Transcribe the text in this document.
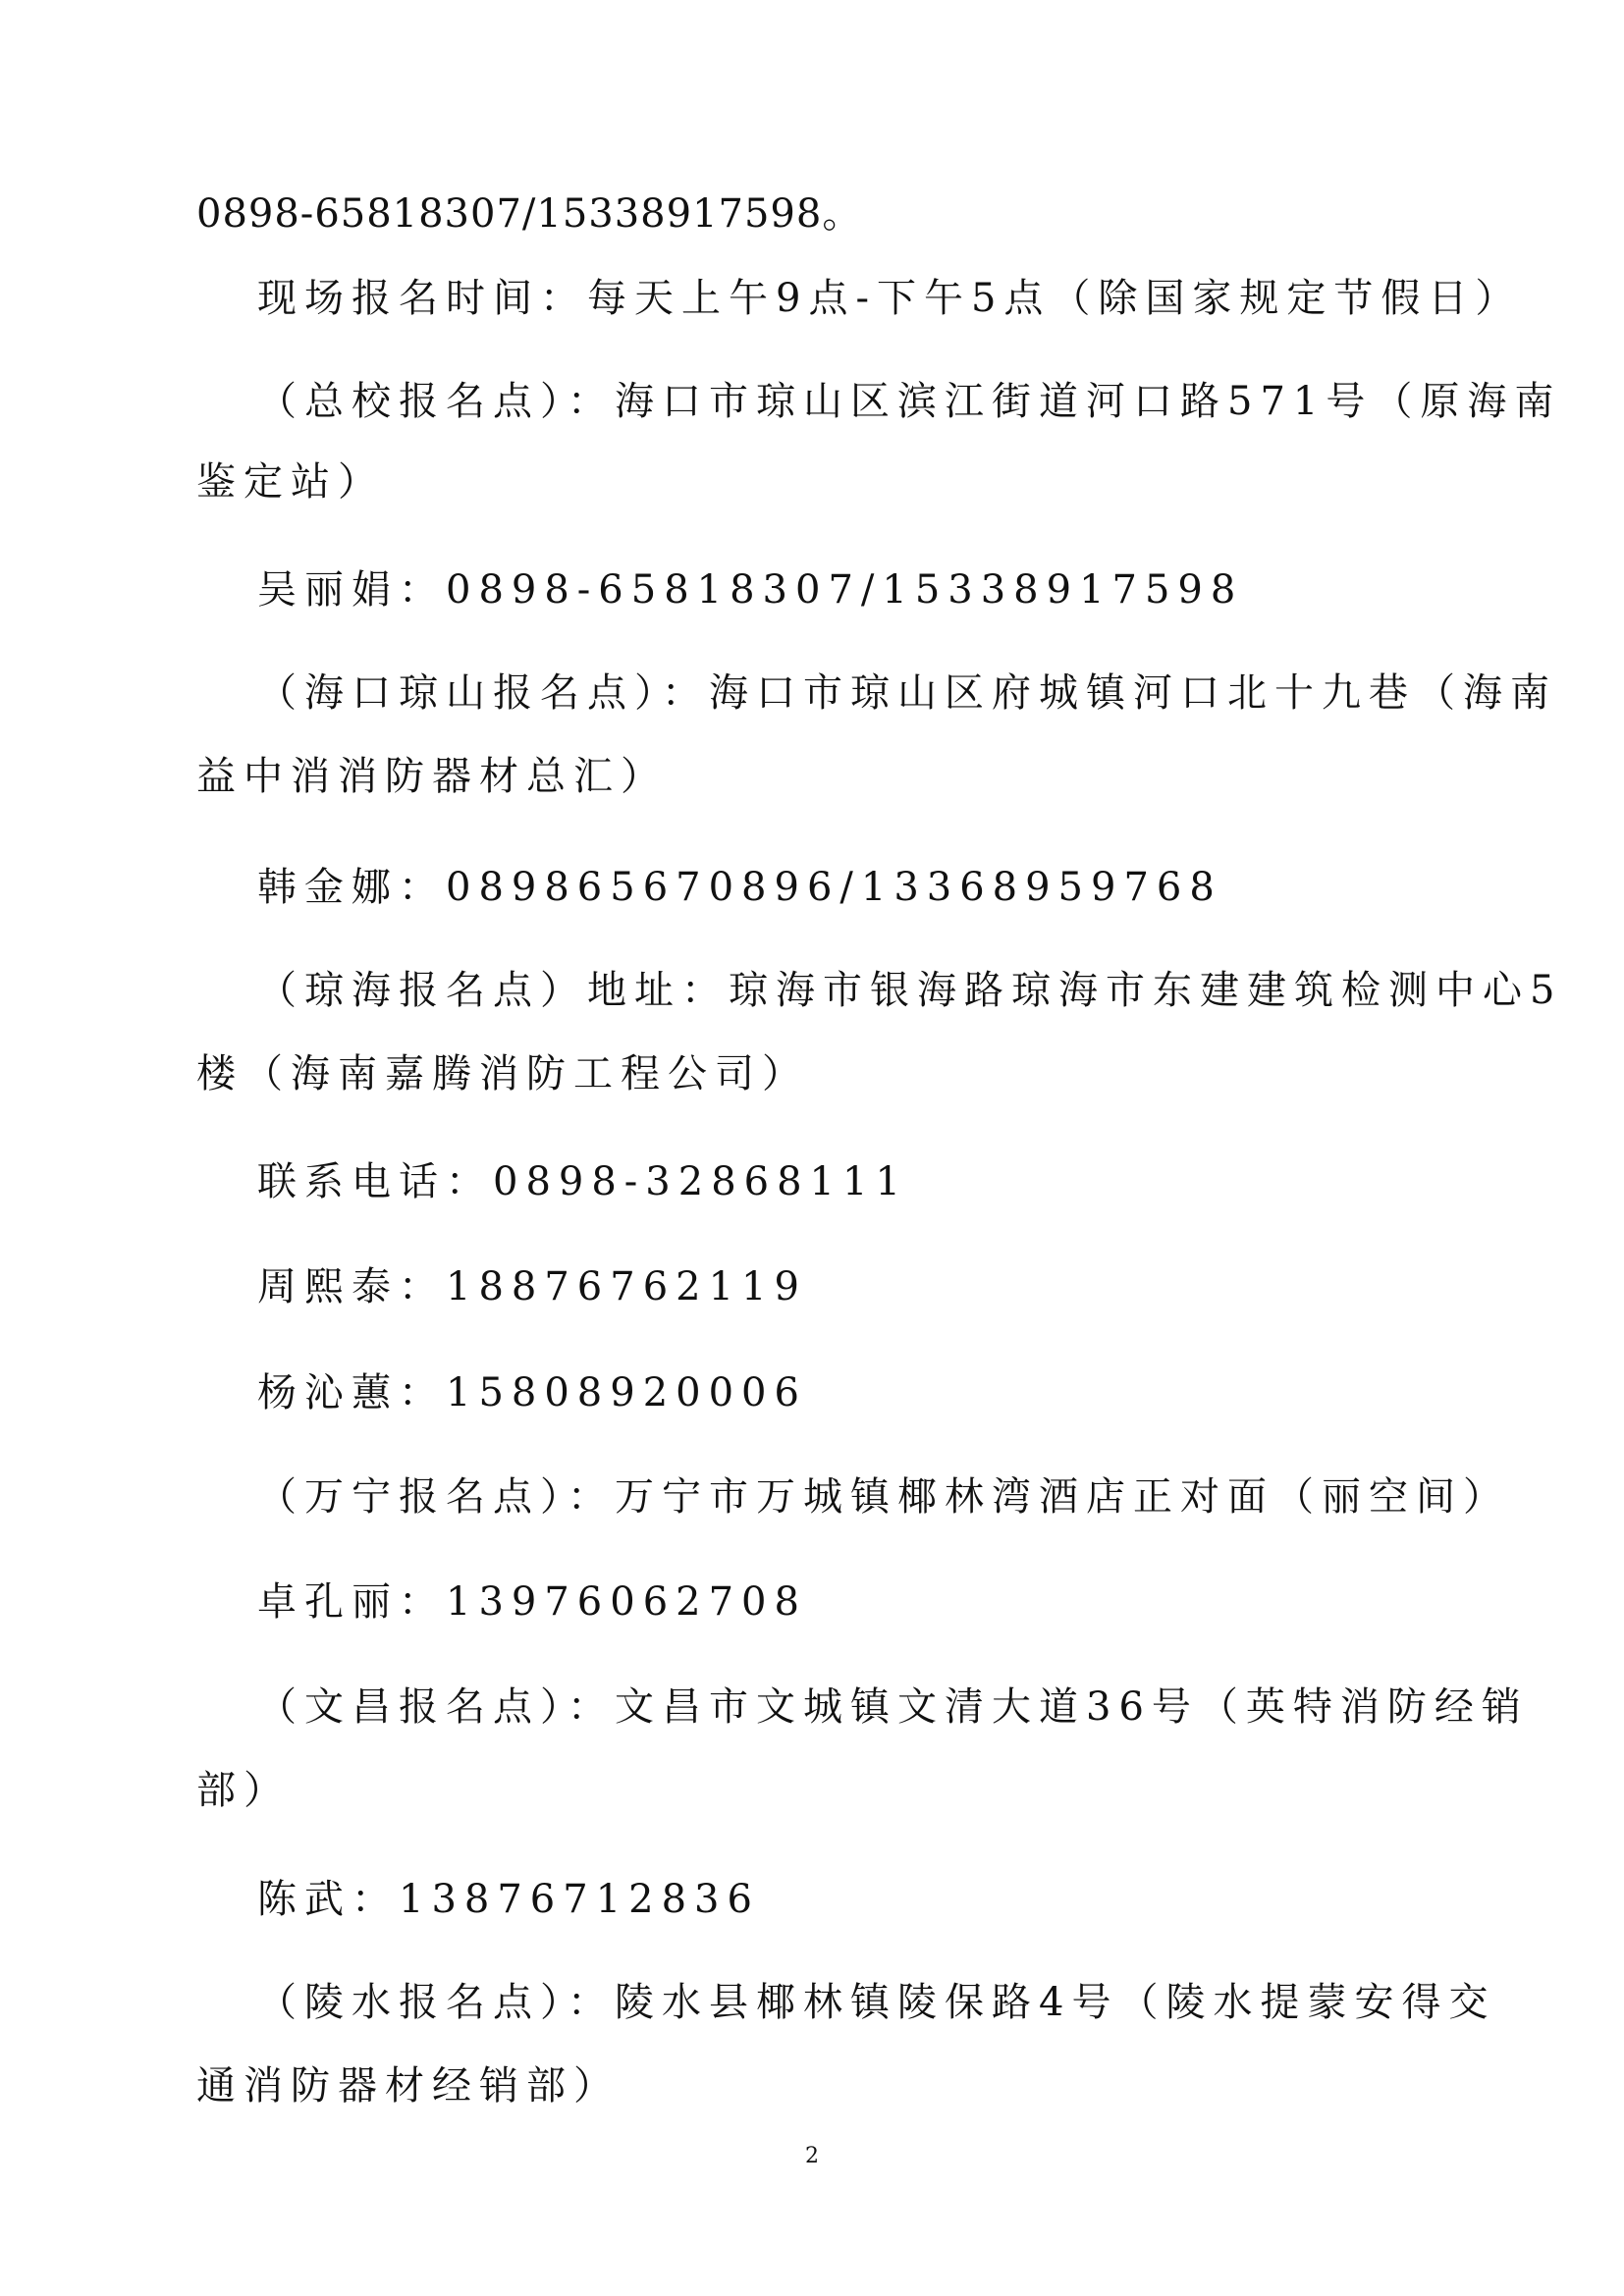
0898-65818307/15338917598。
现场报名时间：每天上午9点-下午5点（除国家规定节假日）
（总校报名点）：海口市琼山区滨江街道河口路571号（原海南
鉴定站）
吴丽娟：0898-65818307/15338917598
（海口琼山报名点）：海口市琼山区府城镇河口北十九巷（海南
益中消消防器材总汇）
韩金娜：089865670896/13368959768
（琼海报名点）地址：琼海市银海路琼海市东建建筑检测中心5
楼（海南嘉腾消防工程公司）
联系电话：0898-32868111
周熙泰：18876762119
杨沁蕙：15808920006
（万宁报名点）：万宁市万城镇椰林湾酒店正对面（丽空间）
卓孔丽：13976062708
（文昌报名点）：文昌市文城镇文清大道36号（英特消防经销
部）
陈武：13876712836
（陵水报名点）：陵水县椰林镇陵保路4号（陵水提蒙安得交
通消防器材经销部）
2
